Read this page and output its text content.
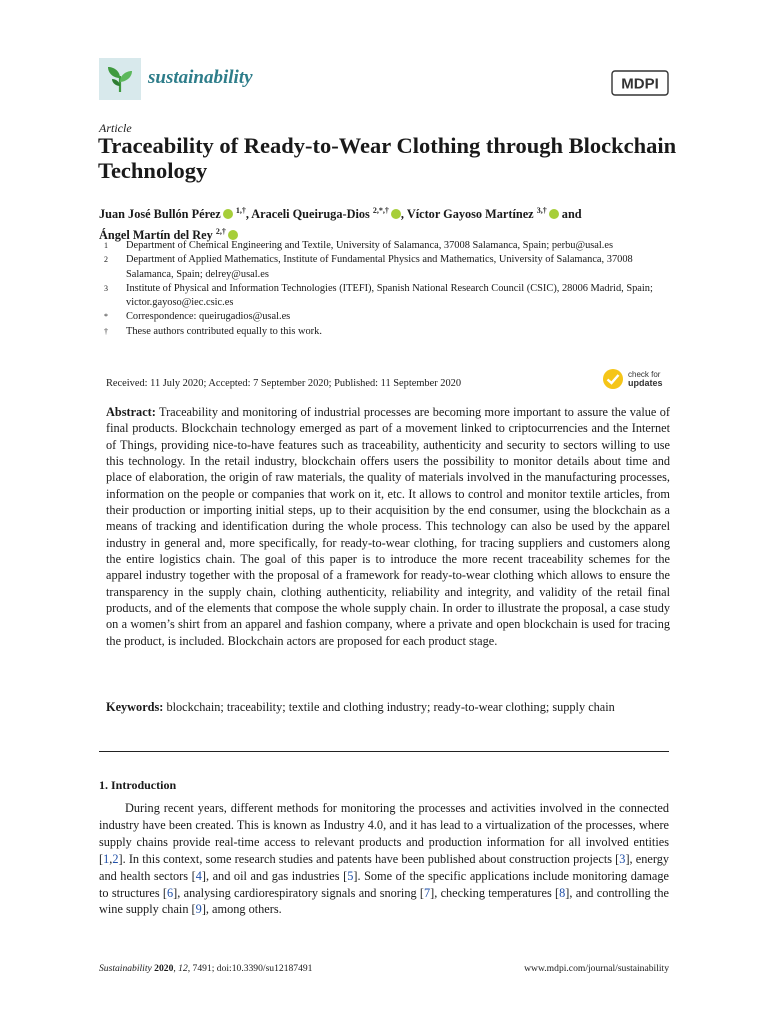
sustainability	MDPI
Article
Traceability of Ready-to-Wear Clothing through Blockchain Technology
Juan José Bullón Pérez $^{1,\dagger}$, Araceli Queiruga-Dios $^{2,*,\dagger}$ , Víctor Gayoso Martínez $^{3,\dagger}$ and
Ángel Martín del Rey $^{2,\dagger}$
1	Department of Chemical Engineering and Textile, University of Salamanca, 37008 Salamanca, Spain; perbu@usal.es
2	Department of Applied Mathematics, Institute of Fundamental Physics and Mathematics, University of Salamanca, 37008 Salamanca, Spain; delrey@usal.es
3	Institute of Physical and Information Technologies (ITEFI), Spanish National Research Council (CSIC), 28006 Madrid, Spain; victor.gayoso@iec.csic.es
*	Correspondence: queirugadios@usal.es
†	These authors contributed equally to this work.
Received: 11 July 2020; Accepted: 7 September 2020; Published: 11 September 2020
check for
updates
Abstract: Traceability and monitoring of industrial processes are becoming more important to assure the value of final products. Blockchain technology emerged as part of a movement linked to criptocurrencies and the Internet of Things, providing nice-to-have features such as traceability, authenticity and security to sectors willing to use this technology. In the retail industry, blockchain offers users the possibility to monitor details about time and place of elaboration, the origin of raw materials, the quality of materials involved in the manufacturing processes, information on the people or companies that work on it, etc. It allows to control and monitor textile articles, from their production or importing initial steps, up to their acquisition by the end consumer, using the blockchain as a means of tracking and identification during the whole process. This technology can also be used by the apparel industry in general and, more specifically, for ready-to-wear clothing, for tracing suppliers and customers along the entire logistics chain. The goal of this paper is to introduce the more recent traceability schemes for the apparel industry together with the proposal of a framework for ready-to-wear clothing which allows to ensure the transparency in the supply chain, clothing authenticity, reliability and integrity, and validity of the retail final products, and of the elements that compose the whole supply chain. In order to illustrate the proposal, a case study on a women’s shirt from an apparel and fashion company, where a private and open blockchain is used for tracing the product, is included. Blockchain actors are proposed for each product stage.
Keywords: blockchain; traceability; textile and clothing industry; ready-to-wear clothing; supply chain
1. Introduction

During recent years, different methods for monitoring the processes and activities involved in the connected industry have been created. This is known as Industry 4.0, and it has lead to a virtualization of the processes, where supply chains provide real-time access to relevant products and production information for all involved entities [1,2]. In this context, some research studies and patents have been published about construction projects [3], energy and health sectors [4], and oil and gas industries [5]. Some of the specific applications include monitoring damage to structures [6], analysing cardiorespiratory signals and snoring [7], checking temperatures [8], and controlling the wine supply chain [9], among others.

Sustainability 2020, 12, 7491; doi:10.3390/su12187491	www.mdpi.com/journal/sustainability
